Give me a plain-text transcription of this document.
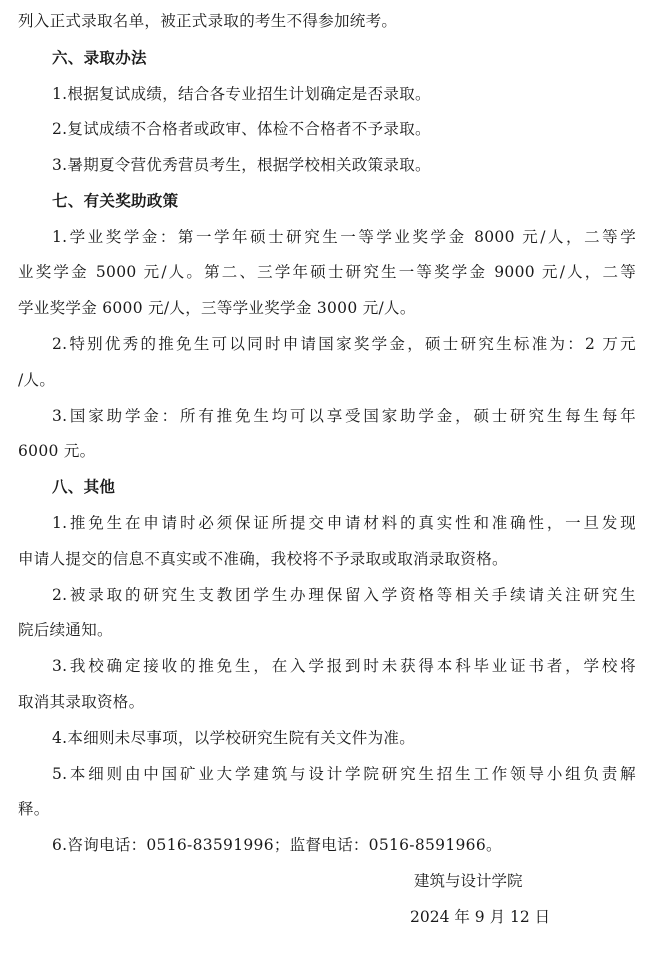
列入正式录取名单，被正式录取的考生不得参加统考。
六、录取办法
1.根据复试成绩，结合各专业招生计划确定是否录取。
2.复试成绩不合格者或政审、体检不合格者不予录取。
3.暑期夏令营优秀营员考生，根据学校相关政策录取。
七、有关奖助政策
1.学业奖学金：第一学年硕士研究生一等学业奖学金 8000 元/人，二等学
业奖学金 5000 元/人。第二、三学年硕士研究生一等奖学金 9000 元/人，二等
学业奖学金 6000 元/人，三等学业奖学金 3000 元/人。
2.特别优秀的推免生可以同时申请国家奖学金，硕士研究生标准为：2 万元
/人。
3.国家助学金：所有推免生均可以享受国家助学金，硕士研究生每生每年
6000 元。
八、其他
1.推免生在申请时必须保证所提交申请材料的真实性和准确性，一旦发现
申请人提交的信息不真实或不准确，我校将不予录取或取消录取资格。
2.被录取的研究生支教团学生办理保留入学资格等相关手续请关注研究生
院后续通知。
3.我校确定接收的推免生，在入学报到时未获得本科毕业证书者，学校将
取消其录取资格。
4.本细则未尽事项，以学校研究生院有关文件为准。
5.本细则由中国矿业大学建筑与设计学院研究生招生工作领导小组负责解
释。
6.咨询电话：0516-83591996；监督电话：0516-8591966。
建筑与设计学院
2024 年 9 月 12 日
